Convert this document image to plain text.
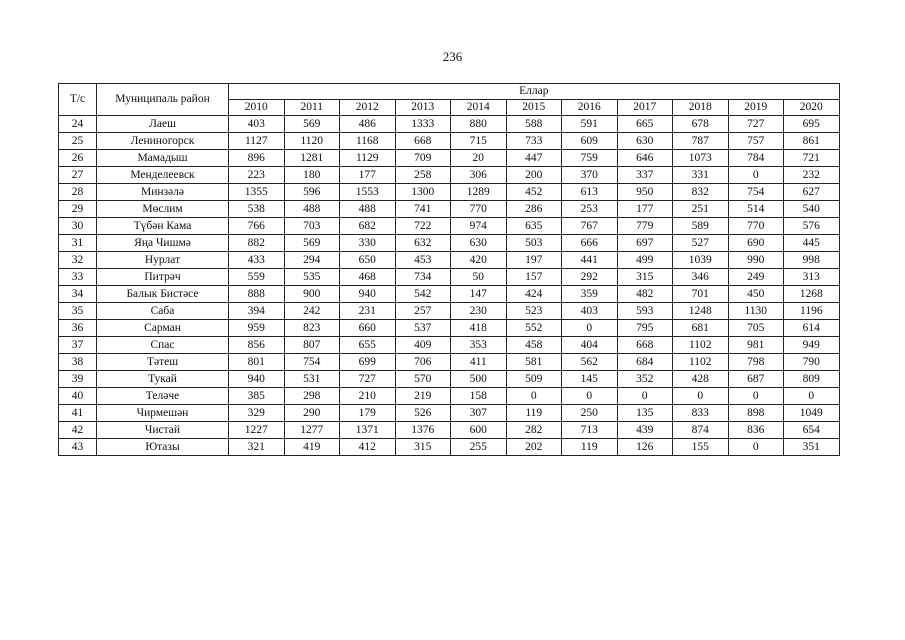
236
Т/с	Муниципаль район	Еллар										
		2010	2011	2012	2013	2014	2015	2016	2017	2018	2019	2020
24	Лаеш	403	569	486	1333	880	588	591	665	678	727	695
25	Лениногорск	1127	1120	1168	668	715	733	609	630	787	757	861
26	Мамадыш	896	1281	1129	709	20	447	759	646	1073	784	721
27	Менделеевск	223	180	177	258	306	200	370	337	331	0	232
28	Минзәлә	1355	596	1553	1300	1289	452	613	950	832	754	627
29	Мөслим	538	488	488	741	770	286	253	177	251	514	540
30	Түбән Кама	766	703	682	722	974	635	767	779	589	770	576
31	Яңа Чишмә	882	569	330	632	630	503	666	697	527	690	445
32	Нурлат	433	294	650	453	420	197	441	499	1039	990	998
33	Питрәч	559	535	468	734	50	157	292	315	346	249	313
34	Балык Бистәсе	888	900	940	542	147	424	359	482	701	450	1268
35	Саба	394	242	231	257	230	523	403	593	1248	1130	1196
36	Сарман	959	823	660	537	418	552	0	795	681	705	614
37	Спас	856	807	655	409	353	458	404	668	1102	981	949
38	Тәтеш	801	754	699	706	411	581	562	684	1102	798	790
39	Тукай	940	531	727	570	500	509	145	352	428	687	809
40	Теләче	385	298	210	219	158	0	0	0	0	0	0
41	Чирмешән	329	290	179	526	307	119	250	135	833	898	1049
42	Чистай	1227	1277	1371	1376	600	282	713	439	874	836	654
43	Ютазы	321	419	412	315	255	202	119	126	155	0	351
